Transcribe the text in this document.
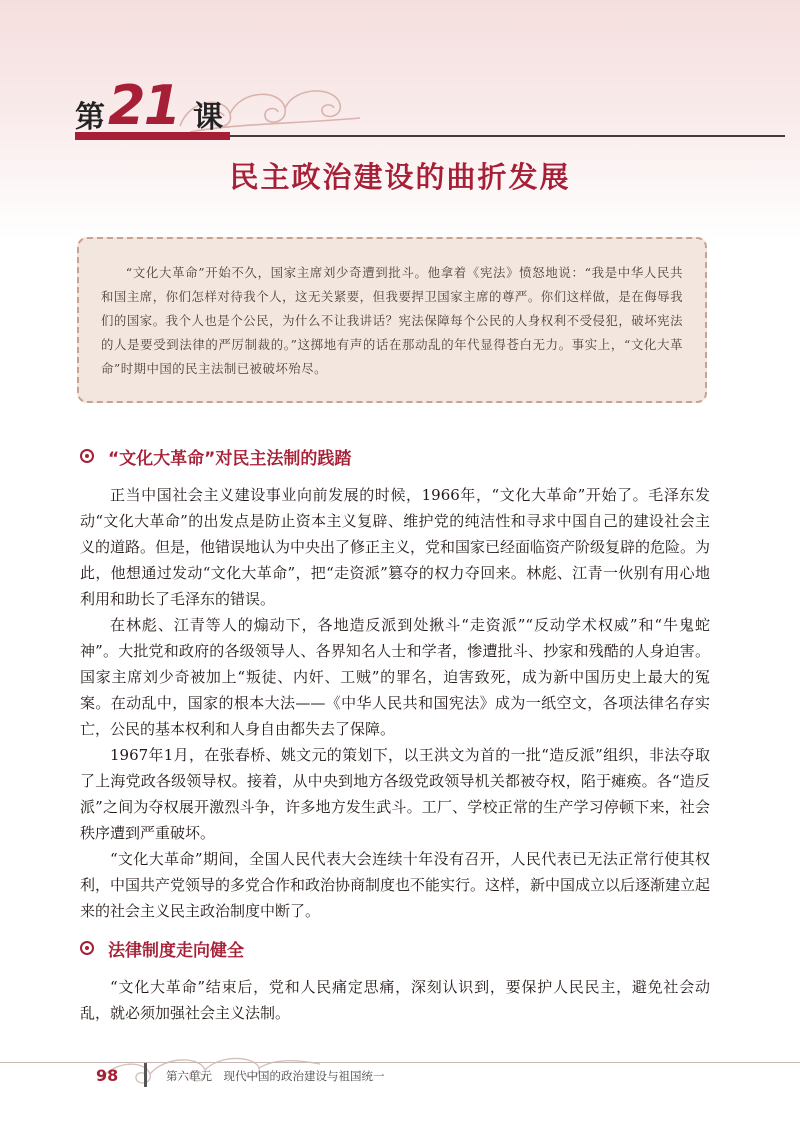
第 21 课
民主政治建设的曲折发展

“文化大革命”开始不久，国家主席刘少奇遭到批斗。他拿着《宪法》愤怒地说：“我是中华人民共和国主席，你们怎样对待我个人，这无关紧要，但我要捍卫国家主席的尊严。你们这样做，是在侮辱我们的国家。我个人也是个公民，为什么不让我讲话？宪法保障每个公民的人身权利不受侵犯，破坏宪法的人是要受到法律的严厉制裁的。”这掷地有声的话在那动乱的年代显得苍白无力。事实上，“文化大革命”时期中国的民主法制已被破坏殆尽。

“文化大革命”对民主法制的践踏

正当中国社会主义建设事业向前发展的时候，1966年，“文化大革命”开始了。毛泽东发动“文化大革命”的出发点是防止资本主义复辟、维护党的纯洁性和寻求中国自己的建设社会主义的道路。但是，他错误地认为中央出了修正主义，党和国家已经面临资产阶级复辟的危险。为此，他想通过发动“文化大革命”，把“走资派”篡夺的权力夺回来。林彪、江青一伙别有用心地利用和助长了毛泽东的错误。

在林彪、江青等人的煽动下，各地造反派到处揪斗“走资派”“反动学术权威”和“牛鬼蛇神”。大批党和政府的各级领导人、各界知名人士和学者，惨遭批斗、抄家和残酷的人身迫害。国家主席刘少奇被加上“叛徒、内奸、工贼”的罪名，迫害致死，成为新中国历史上最大的冤案。在动乱中，国家的根本大法——《中华人民共和国宪法》成为一纸空文，各项法律名存实亡，公民的基本权利和人身自由都失去了保障。

1967年1月，在张春桥、姚文元的策划下，以王洪文为首的一批“造反派”组织，非法夺取了上海党政各级领导权。接着，从中央到地方各级党政领导机关都被夺权，陷于瘫痪。各“造反派”之间为夺权展开激烈斗争，许多地方发生武斗。工厂、学校正常的生产学习停顿下来，社会秩序遭到严重破坏。

“文化大革命”期间，全国人民代表大会连续十年没有召开，人民代表已无法正常行使其权利，中国共产党领导的多党合作和政治协商制度也不能实行。这样，新中国成立以后逐渐建立起来的社会主义民主政治制度中断了。

法律制度走向健全

“文化大革命”结束后，党和人民痛定思痛，深刻认识到，要保护人民民主，避免社会动乱，就必须加强社会主义法制。

98	第六单元　现代中国的政治建设与祖国统一
